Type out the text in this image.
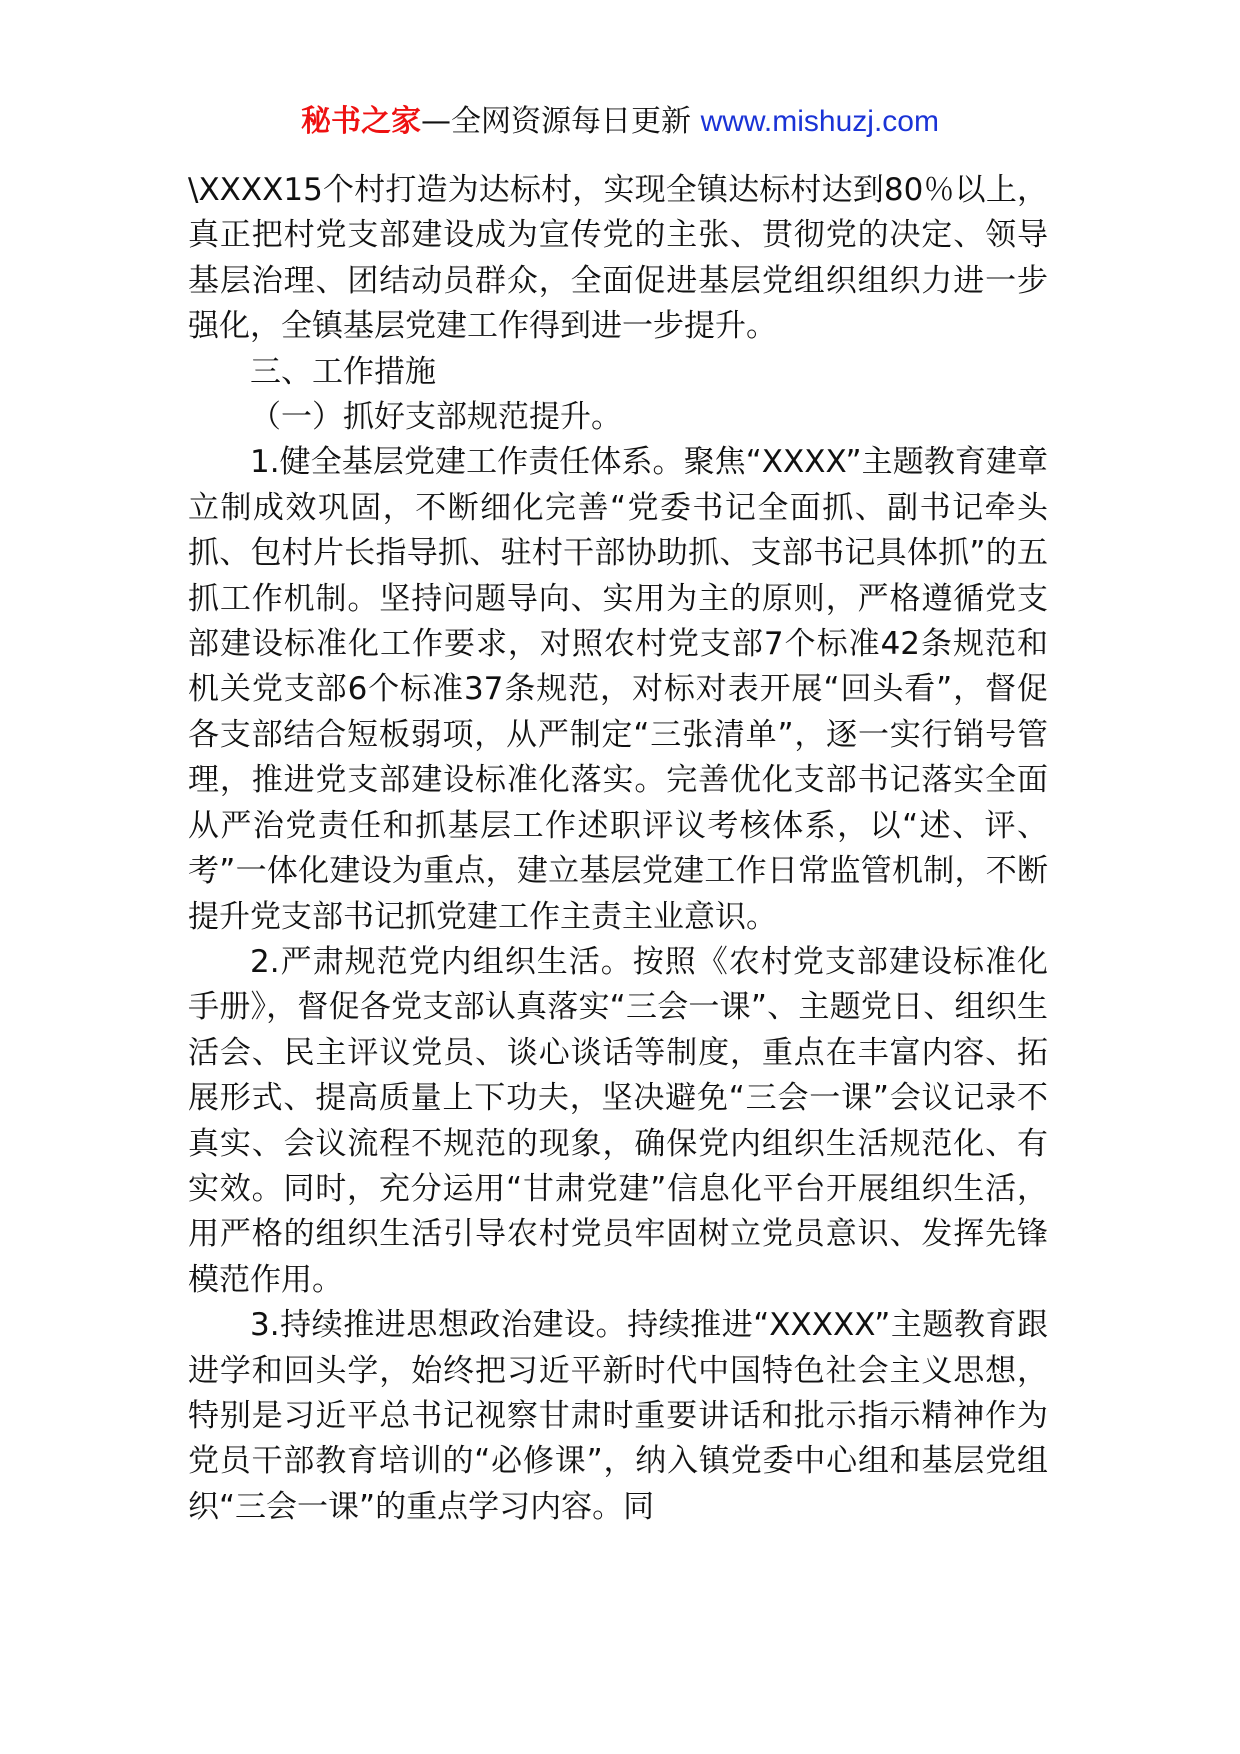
秘书之家—全网资源每日更新 www.mishuzj.com

\XXXX15个村打造为达标村，实现全镇达标村达到80％以上，真正把村党支部建设成为宣传党的主张、贯彻党的决定、领导基层治理、团结动员群众，全面促进基层党组织组织力进一步强化，全镇基层党建工作得到进一步提升。

三、工作措施

（一）抓好支部规范提升。

1.健全基层党建工作责任体系。聚焦“XXXX”主题教育建章立制成效巩固，不断细化完善“党委书记全面抓、副书记牵头抓、包村片长指导抓、驻村干部协助抓、支部书记具体抓”的五抓工作机制。坚持问题导向、实用为主的原则，严格遵循党支部建设标准化工作要求，对照农村党支部7个标准42条规范和机关党支部6个标准37条规范，对标对表开展“回头看”，督促各支部结合短板弱项，从严制定“三张清单”，逐一实行销号管理，推进党支部建设标准化落实。完善优化支部书记落实全面从严治党责任和抓基层工作述职评议考核体系，以“述、评、考”一体化建设为重点，建立基层党建工作日常监管机制，不断提升党支部书记抓党建工作主责主业意识。

2.严肃规范党内组织生活。按照《农村党支部建设标准化手册》，督促各党支部认真落实“三会一课”、主题党日、组织生活会、民主评议党员、谈心谈话等制度，重点在丰富内容、拓展形式、提高质量上下功夫，坚决避免“三会一课”会议记录不真实、会议流程不规范的现象，确保党内组织生活规范化、有实效。同时，充分运用“甘肃党建”信息化平台开展组织生活，用严格的组织生活引导农村党员牢固树立党员意识、发挥先锋模范作用。

3.持续推进思想政治建设。持续推进“XXXXX”主题教育跟进学和回头学，始终把习近平新时代中国特色社会主义思想，特别是习近平总书记视察甘肃时重要讲话和批示指示精神作为党员干部教育培训的“必修课”，纳入镇党委中心组和基层党组织“三会一课”的重点学习内容。同
